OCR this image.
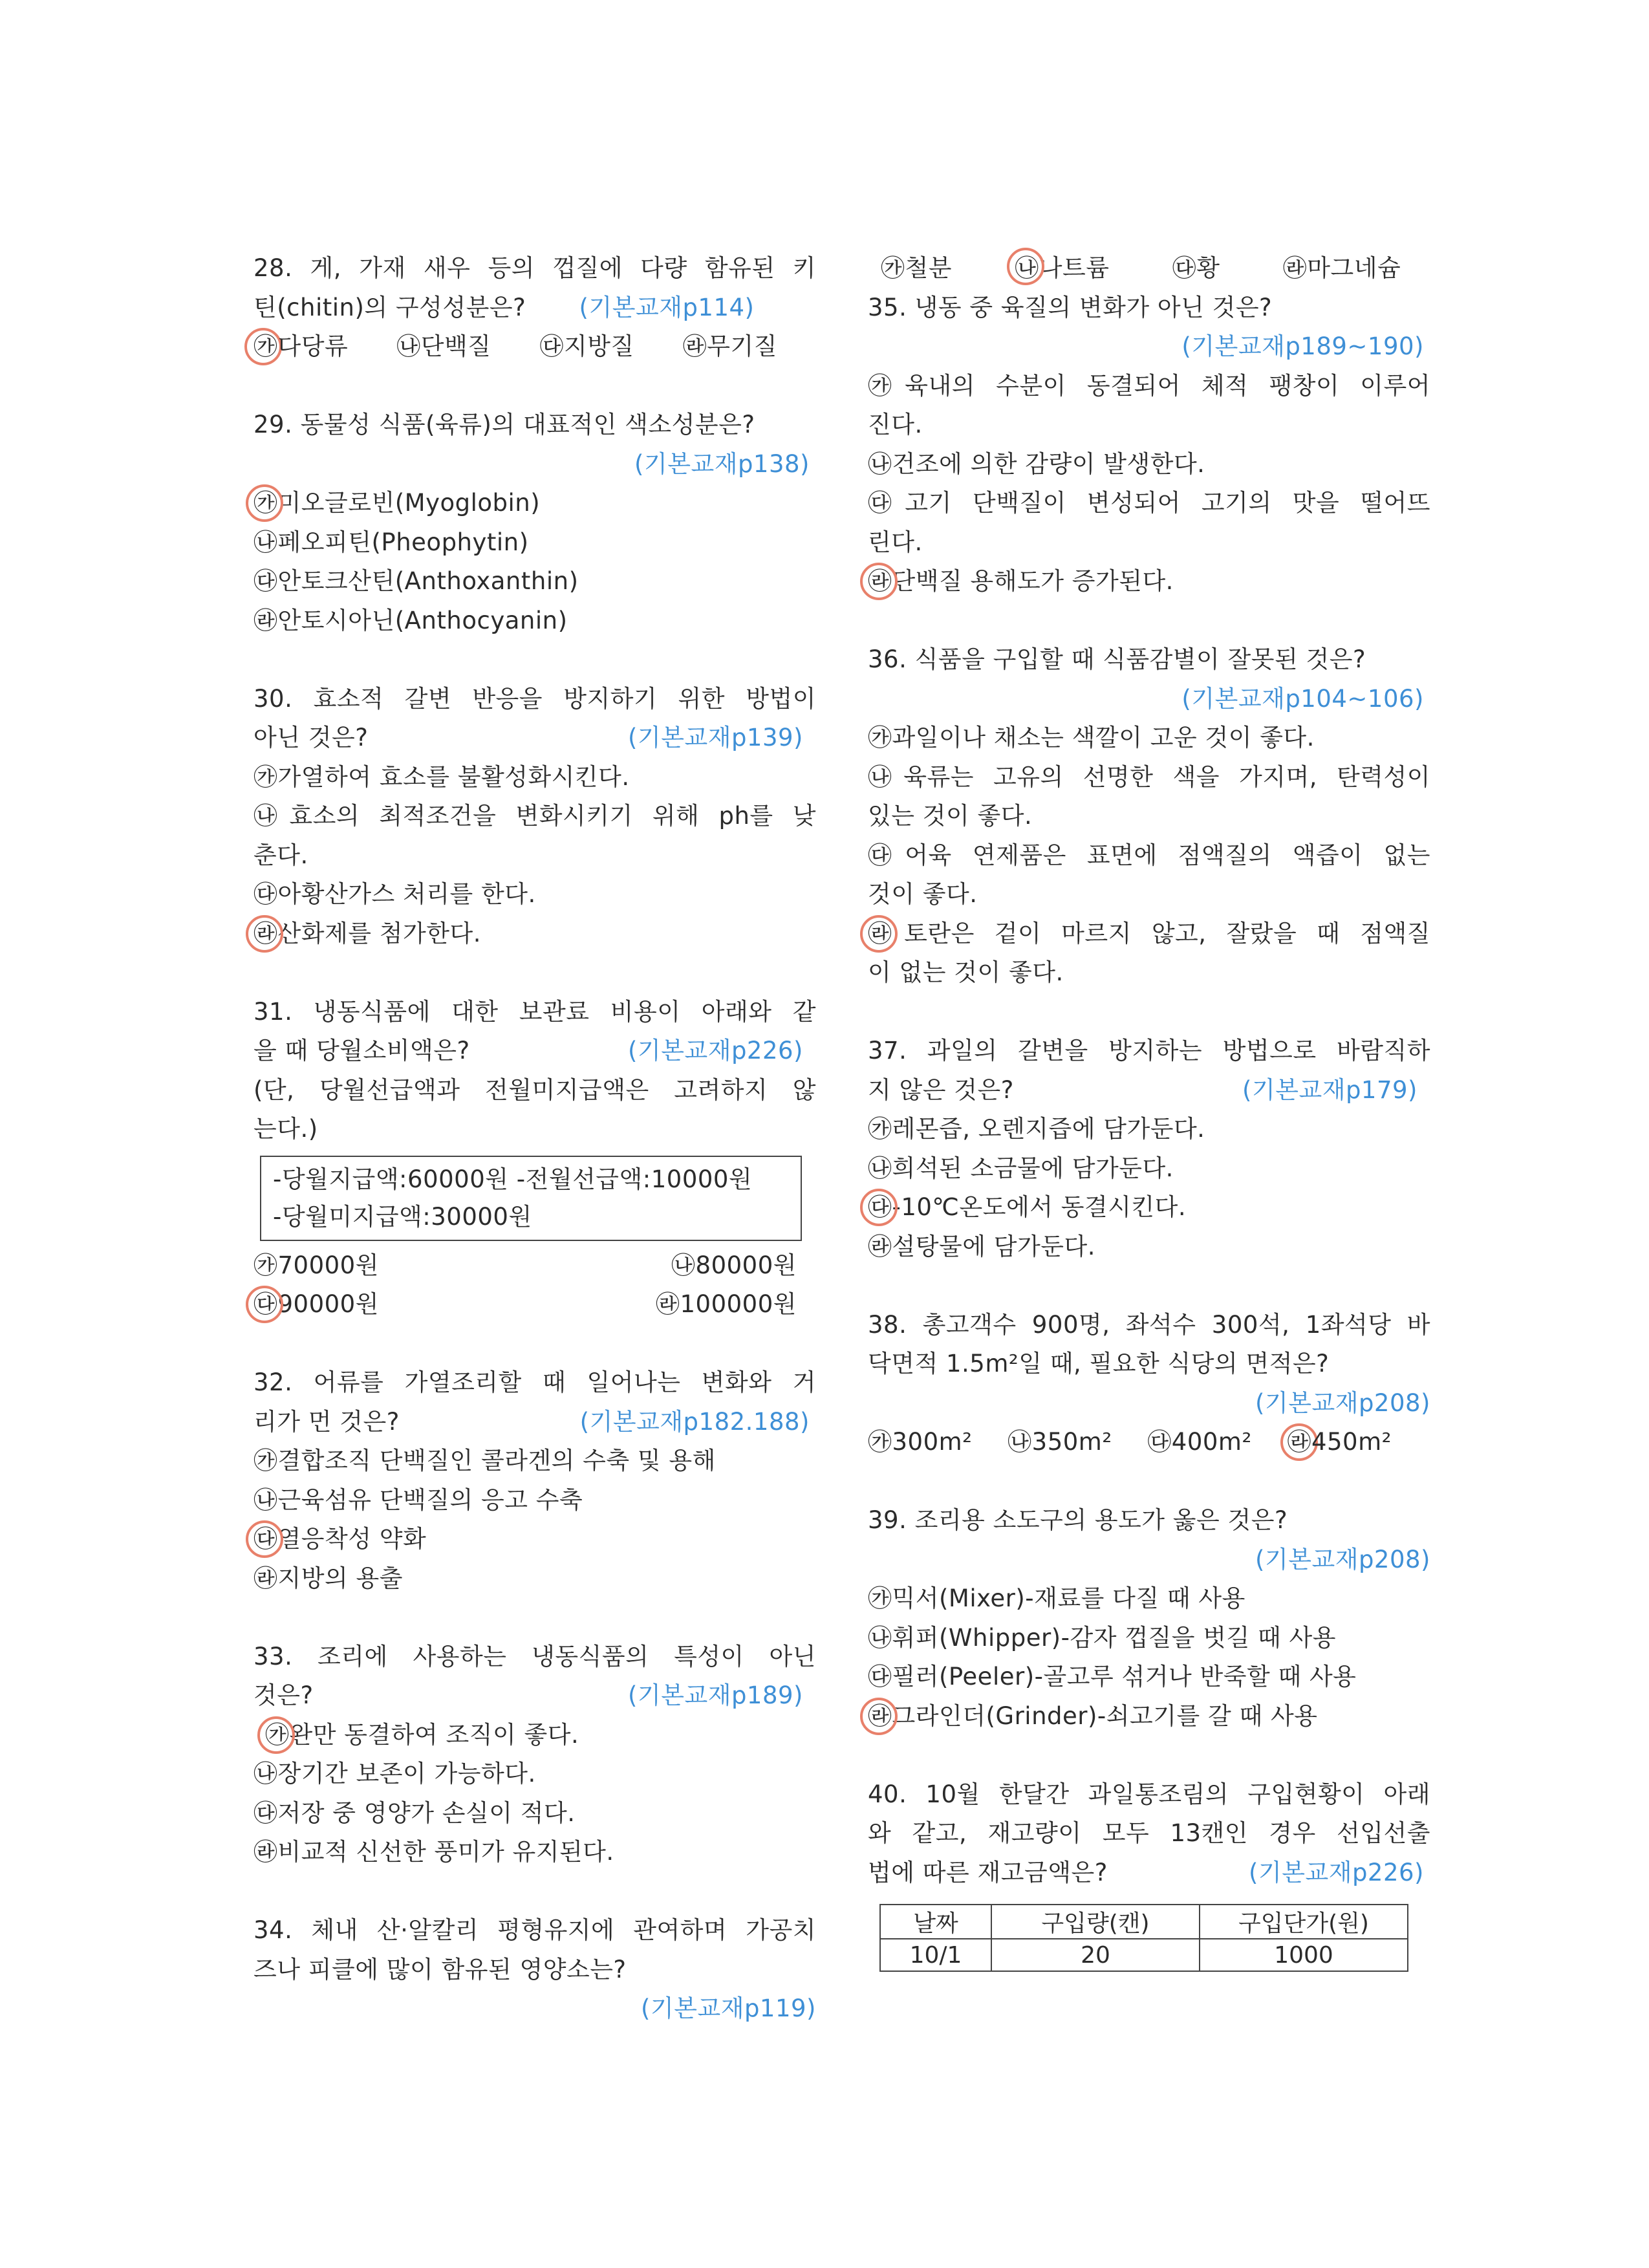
28. 게, 가재 새우 등의 껍질에 다량 함유된 키
틴(chitin)의 구성성분은? (기본교재p114)
㉮다당류 ㉯단백질 ㉰지방질 ㉱무기질
29. 동물성 식품(육류)의 대표적인 색소성분은?
(기본교재p138)
㉮미오글로빈(Myoglobin)
㉯페오피틴(Pheophytin)
㉰안토크산틴(Anthoxanthin)
㉱안토시아닌(Anthocyanin)
30. 효소적 갈변 반응을 방지하기 위한 방법이
아닌 것은?	(기본교재p139)
㉮가열하여 효소를 불활성화시킨다.
㉯효소의 최적조건을 변화시키기 위해 ph를 낮
춘다.
㉰아황산가스 처리를 한다.
㉱산화제를 첨가한다.
31. 냉동식품에 대한 보관료 비용이 아래와 같
을 때 당월소비액은?	(기본교재p226)
(단, 당월선급액과 전월미지급액은 고려하지 않
는다.)
-당월지급액:60000원 -전월선급액:10000원
-당월미지급액:30000원
㉮70000원	㉯80000원
㉰90000원	㉱100000원
32. 어류를 가열조리할 때 일어나는 변화와 거
리가 먼 것은?	(기본교재p182.188)
㉮결합조직 단백질인 콜라겐의 수축 및 용해
㉯근육섬유 단백질의 응고 수축
㉰열응착성 약화
㉱지방의 용출
33. 조리에 사용하는 냉동식품의 특성이 아닌
것은?	(기본교재p189)
㉮완만 동결하여 조직이 좋다.
㉯장기간 보존이 가능하다.
㉰저장 중 영양가 손실이 적다.
㉱비교적 신선한 풍미가 유지된다.
34. 체내 산·알칼리 평형유지에 관여하며 가공치
즈나 피클에 많이 함유된 영양소는?
(기본교재p119)
㉮철분	㉯나트륨	㉰황	㉱마그네슘
35. 냉동 중 육질의 변화가 아닌 것은?
(기본교재p189~190)
㉮육내의 수분이 동결되어 체적 팽창이 이루어
진다.
㉯건조에 의한 감량이 발생한다.
㉰고기 단백질이 변성되어 고기의 맛을 떨어뜨
린다.
㉱단백질 용해도가 증가된다.
36. 식품을 구입할 때 식품감별이 잘못된 것은?
(기본교재p104~106)
㉮과일이나 채소는 색깔이 고운 것이 좋다.
㉯육류는 고유의 선명한 색을 가지며, 탄력성이
있는 것이 좋다.
㉰어육 연제품은 표면에 점액질의 액즙이 없는
것이 좋다.
㉱토란은 겉이 마르지 않고, 잘랐을 때 점액질
이 없는 것이 좋다.
37. 과일의 갈변을 방지하는 방법으로 바람직하
지 않은 것은?	(기본교재p179)
㉮레몬즙, 오렌지즙에 담가둔다.
㉯희석된 소금물에 담가둔다.
㉰-10℃온도에서 동결시킨다.
㉱설탕물에 담가둔다.
38. 총고객수 900명, 좌석수 300석, 1좌석당 바
닥면적 1.5m²일 때, 필요한 식당의 면적은?
(기본교재p208)
㉮300m² ㉯350m² ㉰400m² ㉱450m²
39. 조리용 소도구의 용도가 옳은 것은?
(기본교재p208)
㉮믹서(Mixer)-재료를 다질 때 사용
㉯휘퍼(Whipper)-감자 껍질을 벗길 때 사용
㉰필러(Peeler)-골고루 섞거나 반죽할 때 사용
㉱그라인더(Grinder)-쇠고기를 갈 때 사용
40. 10월 한달간 과일통조림의 구입현황이 아래
와 같고, 재고량이 모두 13캔인 경우 선입선출
법에 따른 재고금액은?	(기본교재p226)
날짜	구입량(캔)	구입단가(원)
10/1	20	1000
